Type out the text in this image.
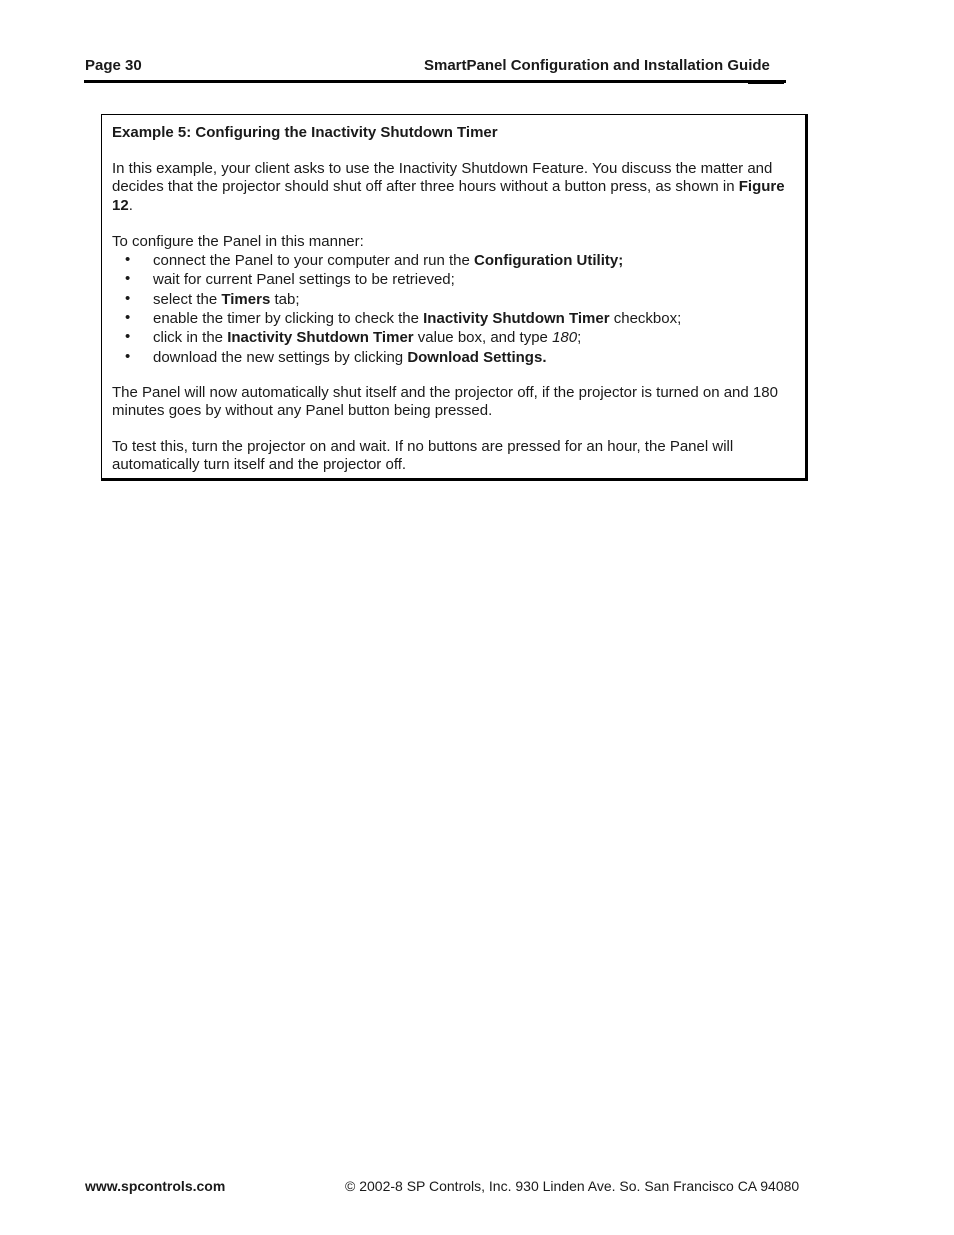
Page 30	SmartPanel Configuration and Installation Guide

Example 5: Configuring the Inactivity Shutdown Timer

In this example, your client asks to use the Inactivity Shutdown Feature. You discuss the matter and decides that the projector should shut off after three hours without a button press, as shown in Figure 12.

To configure the Panel in this manner:

• connect the Panel to your computer and run the Configuration Utility;
• wait for current Panel settings to be retrieved;
• select the Timers tab;
• enable the timer by clicking to check the Inactivity Shutdown Timer checkbox;
• click in the Inactivity Shutdown Timer value box, and type 180;
• download the new settings by clicking Download Settings.

The Panel will now automatically shut itself and the projector off, if the projector is turned on and 180 minutes goes by without any Panel button being pressed.

To test this, turn the projector on and wait. If no buttons are pressed for an hour, the Panel will automatically turn itself and the projector off.

www.spcontrols.com	© 2002-8 SP Controls, Inc. 930 Linden Ave. So. San Francisco CA 94080
